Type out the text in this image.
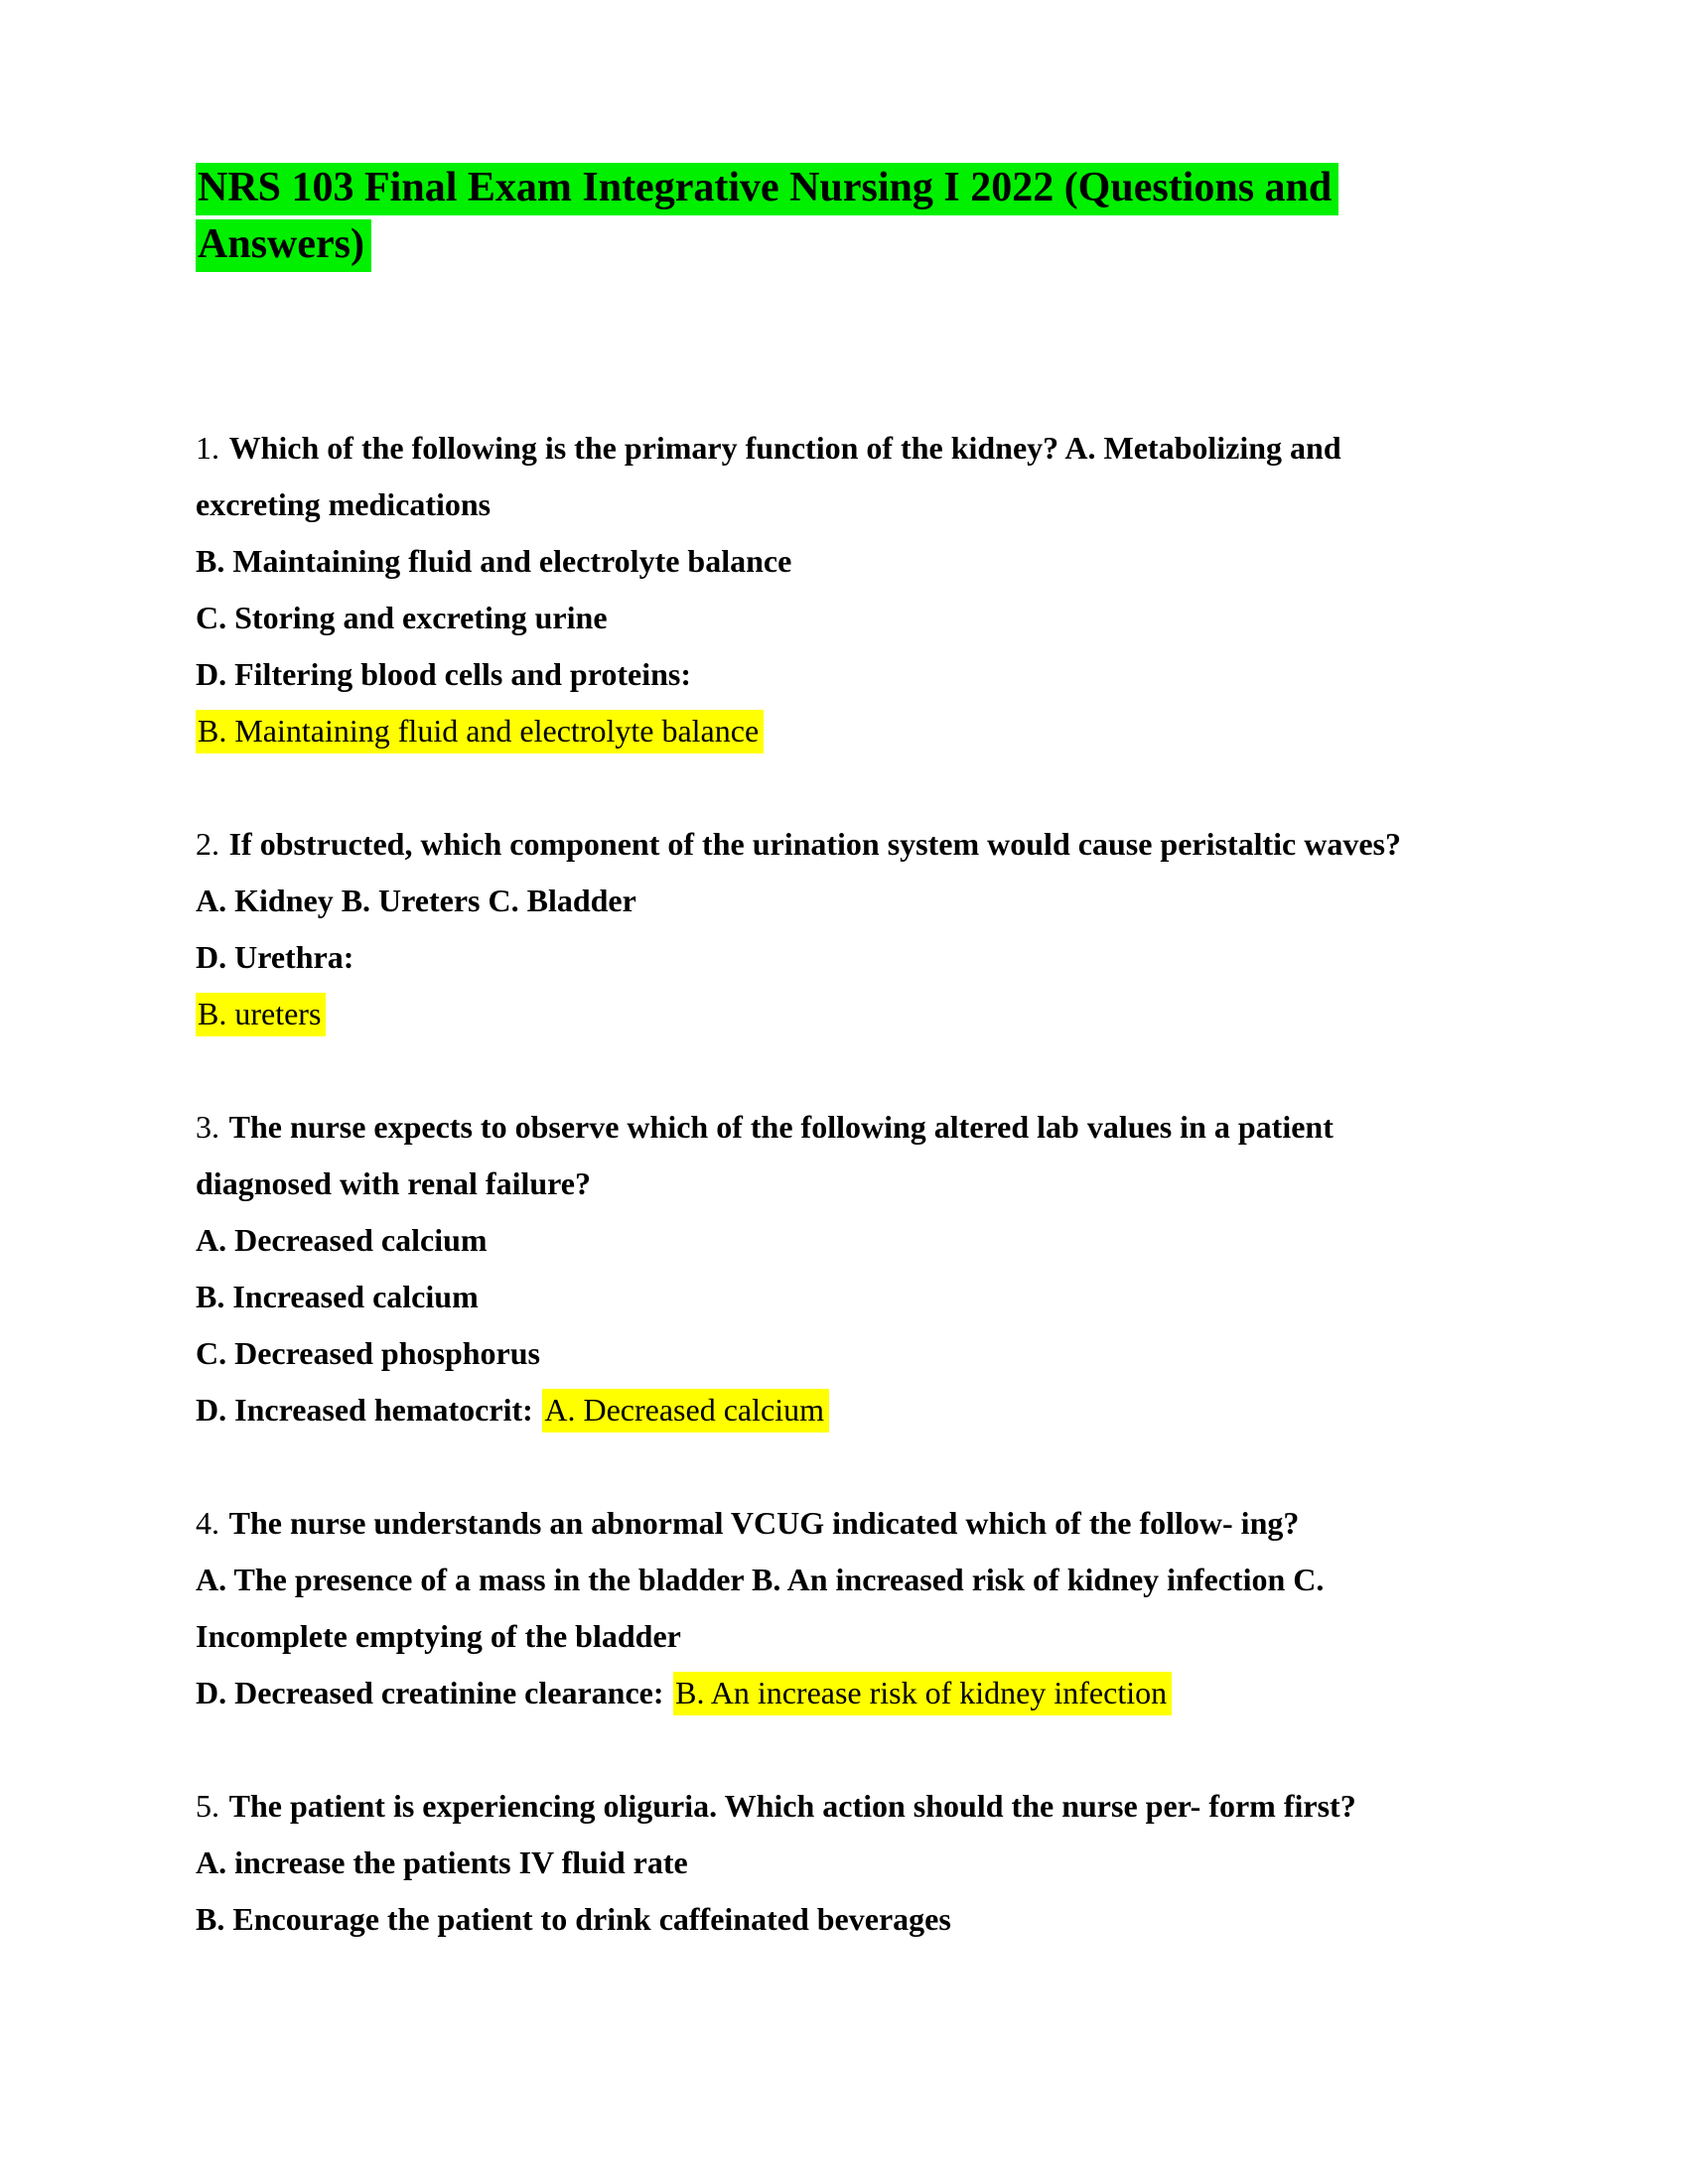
NRS 103 Final Exam Integrative Nursing I 2022 (Questions and
Answers)
1. Which of the following is the primary function of the kidney? A. Metabolizing and
excreting medications
B. Maintaining fluid and electrolyte balance
C. Storing and excreting urine
D. Filtering blood cells and proteins:
B. Maintaining fluid and electrolyte balance
2. If obstructed, which component of the urination system would cause peristaltic waves?
A. Kidney B. Ureters C. Bladder
D. Urethra:
B. ureters
3. The nurse expects to observe which of the following altered lab values in a patient
diagnosed with renal failure?
A. Decreased calcium
B. Increased calcium
C. Decreased phosphorus
D. Increased hematocrit: A. Decreased calcium
4. The nurse understands an abnormal VCUG indicated which of the follow- ing?
A. The presence of a mass in the bladder B. An increased risk of kidney infection C.
Incomplete emptying of the bladder
D. Decreased creatinine clearance: B. An increase risk of kidney infection
5. The patient is experiencing oliguria. Which action should the nurse per- form first?
A. increase the patients IV fluid rate
B. Encourage the patient to drink caffeinated beverages
